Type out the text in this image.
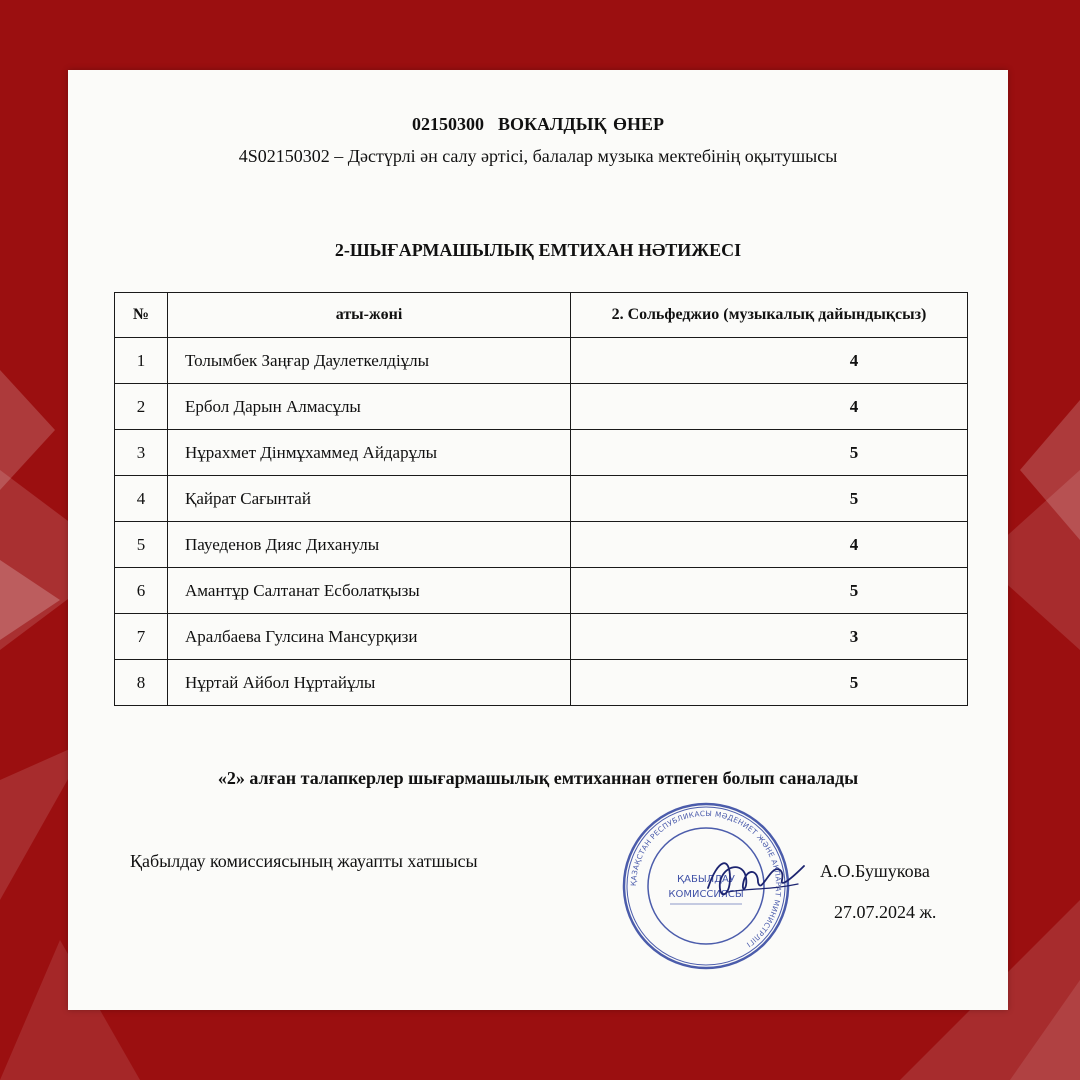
02150300 ВОКАЛДЫҚ ӨНЕР
4S02150302 – Дәстүрлі ән салу әртісі, балалар музыка мектебінің оқытушысы
2-ШЫҒАРМАШЫЛЫҚ ЕМТИХАН НӘТИЖЕСІ
№	аты-жөні	2. Сольфеджио (музыкалық дайындықсыз)
1	Толымбек Заңғар Даулеткелдіұлы	4
2	Ербол Дарын Алмасұлы	4
3	Нұрахмет Дінмұхаммед Айдарұлы	5
4	Қайрат Сағынтай	5
5	Пауеденов Дияс Диханулы	4
6	Амантұр Салтанат Есболатқызы	5
7	Аралбаева Гулсина Мансурқизи	3
8	Нұртай Айбол Нұртайұлы	5
«2» алған талапкерлер шығармашылық емтиханнан өтпеген болып саналады
Қабылдау комиссиясының жауапты хатшысы
ҚАЗАҚСТАН РЕСПУБЛИКАСЫ МӘДЕНИЕТ ЖӘНЕ АҚПАРАТ МИНИСТРЛІГІ
ҚАБЫЛДАУ
КОМИССИЯСЫ
А.О.Бушукова
27.07.2024 ж.
